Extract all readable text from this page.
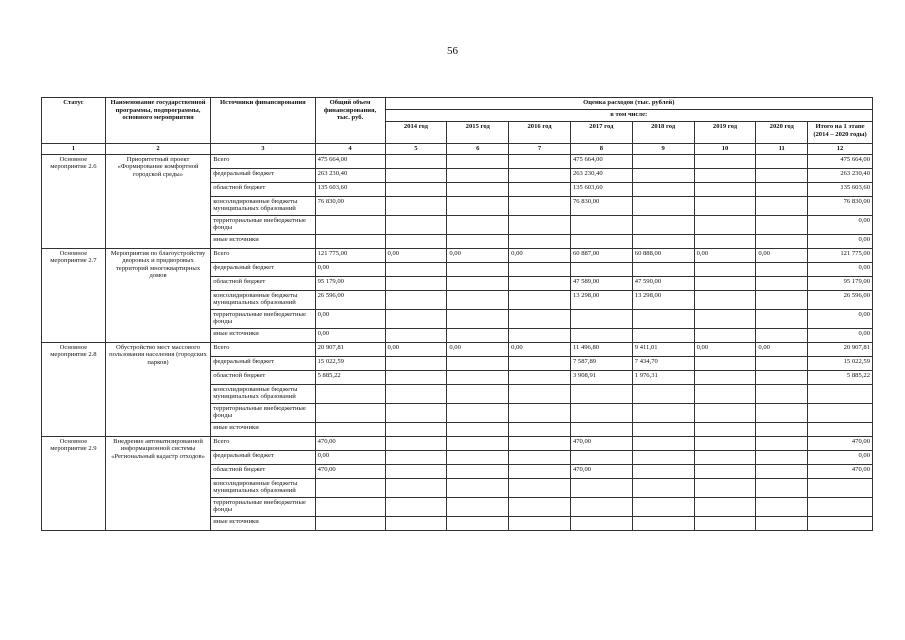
56
Статус	Наименование государственной программы, подпрограммы, основного мероприятия	Источники финансирования	Общий объем финансирования, тыс. руб.	Оценка расходов (тыс. рублей)							
				в том числе:							
				2014 год	2015 год	2016 год	2017 год	2018 год	2019 год	2020 год	Итого на 1 этапе (2014 – 2020 годы)
1	2	3	4	5	6	7	8	9	10	11	12
Основное мероприятие 2.6	Приоритетный проект «Формирование комфортной городской среды»	Всего	475 664,00				475 664,00				475 664,00
		федеральный бюджет	263 230,40				263 230,40				263 230,40
		областной бюджет	135 603,60				135 603,60				135 603,60
		консолидированные бюджеты муниципальных образований	76 830,00				76 830,00				76 830,00
		территориальные внебюджетные фонды									0,00
		иные источники									0,00
Основное мероприятие 2.7	Мероприятия по благоустройству дворовых и придворовых территорий многоквартирных домов	Всего	121 775,00	0,00	0,00	0,00	60 887,00	60 888,00	0,00	0,00	121 775,00
		федеральный бюджет	0,00								0,00
		областной бюджет	95 179,00				47 589,00	47 590,00			95 179,00
		консолидированные бюджеты муниципальных образований	26 596,00				13 298,00	13 298,00			26 596,00
		территориальные внебюджетные фонды	0,00								0,00
		иные источники	0,00								0,00
Основное мероприятие 2.8	Обустройство мест массового пользования населения (городских парков)	Всего	20 907,81	0,00	0,00	0,00	11 496,80	9 411,01	0,00	0,00	20 907,81
		федеральный бюджет	15 022,59				7 587,89	7 434,70			15 022,59
		областной бюджет	5 885,22				3 908,91	1 976,31			5 885,22
		консолидированные бюджеты муниципальных образований									
		территориальные внебюджетные фонды									
		иные источники									
Основное мероприятие 2.9	Внедрение автоматизированной информационной системы «Региональный кадастр отходов»	Всего	470,00				470,00				470,00
		федеральный бюджет	0,00								0,00
		областной бюджет	470,00				470,00				470,00
		консолидированные бюджеты муниципальных образований									
		территориальные внебюджетные фонды									
		иные источники									
